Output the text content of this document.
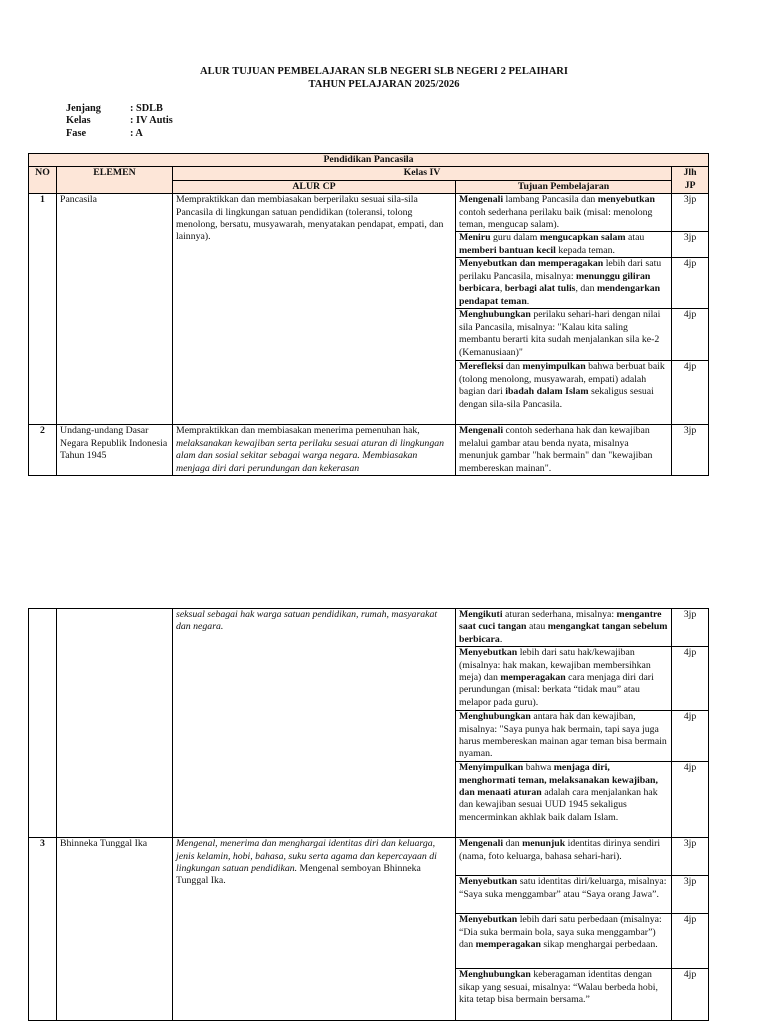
ALUR TUJUAN PEMBELAJARAN SLB NEGERI SLB NEGERI 2 PELAIHARI
TAHUN PELAJARAN 2025/2026
Jenjang	: SDLB
Kelas	: IV Autis
Fase	: A
Pendidikan Pancasila				
NO	ELEMEN	Kelas IV		Jlh
JP

		ALUR CP	Tujuan Pembelajaran	
1	Pancasila	Mempraktikkan dan membiasakan berperilaku sesuai sila-sila Pancasila di lingkungan satuan pendidikan (toleransi, tolong menolong, bersatu, musyawarah, menyatakan pendapat, empati, dan lainnya).	Mengenali lambang Pancasila dan menyebutkan contoh sederhana perilaku baik (misal: menolong teman, mengucap salam).	3jp
			Meniru guru dalam mengucapkan salam atau memberi bantuan kecil kepada teman.	3jp
			Menyebutkan dan memperagakan lebih dari satu perilaku Pancasila, misalnya: menunggu giliran berbicara, berbagi alat tulis, dan mendengarkan pendapat teman.	4jp
			Menghubungkan perilaku sehari-hari dengan nilai sila Pancasila, misalnya: "Kalau kita saling membantu berarti kita sudah menjalankan sila ke-2 (Kemanusiaan)"	4jp
			Merefleksi dan menyimpulkan bahwa berbuat baik (tolong menolong, musyawarah, empati) adalah bagian dari ibadah dalam Islam sekaligus sesuai dengan sila-sila Pancasila.	4jp
2	Undang-undang Dasar Negara Republik Indonesia Tahun 1945	Mempraktikkan dan membiasakan menerima pemenuhan hak, melaksanakan kewajiban serta perilaku sesuai aturan di lingkungan alam dan sosial sekitar sebagai warga negara. Membiasakan menjaga diri dari perundungan dan kekerasan	Mengenali contoh sederhana hak dan kewajiban melalui gambar atau benda nyata, misalnya menunjuk gambar "hak bermain" dan "kewajiban membereskan mainan".	3jp
		seksual sebagai hak warga satuan pendidikan, rumah, masyarakat dan negara.	Mengikuti aturan sederhana, misalnya: mengantre saat cuci tangan atau mengangkat tangan sebelum berbicara.	3jp
			Menyebutkan lebih dari satu hak/kewajiban (misalnya: hak makan, kewajiban membersihkan meja) dan memperagakan cara menjaga diri dari perundungan (misal: berkata “tidak mau” atau melapor pada guru).	4jp
			Menghubungkan antara hak dan kewajiban, misalnya: "Saya punya hak bermain, tapi saya juga harus membereskan mainan agar teman bisa bermain nyaman.	4jp
			Menyimpulkan bahwa menjaga diri, menghormati teman, melaksanakan kewajiban, dan menaati aturan adalah cara menjalankan hak dan kewajiban sesuai UUD 1945 sekaligus mencerminkan akhlak baik dalam Islam.	4jp
3	Bhinneka Tunggal Ika	Mengenal, menerima dan menghargai identitas diri dan keluarga, jenis kelamin, hobi, bahasa, suku serta agama dan kepercayaan di lingkungan satuan pendidikan. Mengenal semboyan Bhinneka Tunggal Ika.	Mengenali dan menunjuk identitas dirinya sendiri (nama, foto keluarga, bahasa sehari-hari).	3jp
			Menyebutkan satu identitas diri/keluarga, misalnya: “Saya suka menggambar” atau “Saya orang Jawa”.	3jp
			Menyebutkan lebih dari satu perbedaan (misalnya: “Dia suka bermain bola, saya suka menggambar”) dan memperagakan sikap menghargai perbedaan.	4jp
			Menghubungkan keberagaman identitas dengan sikap yang sesuai, misalnya: “Walau berbeda hobi, kita tetap bisa bermain bersama.”	4jp
